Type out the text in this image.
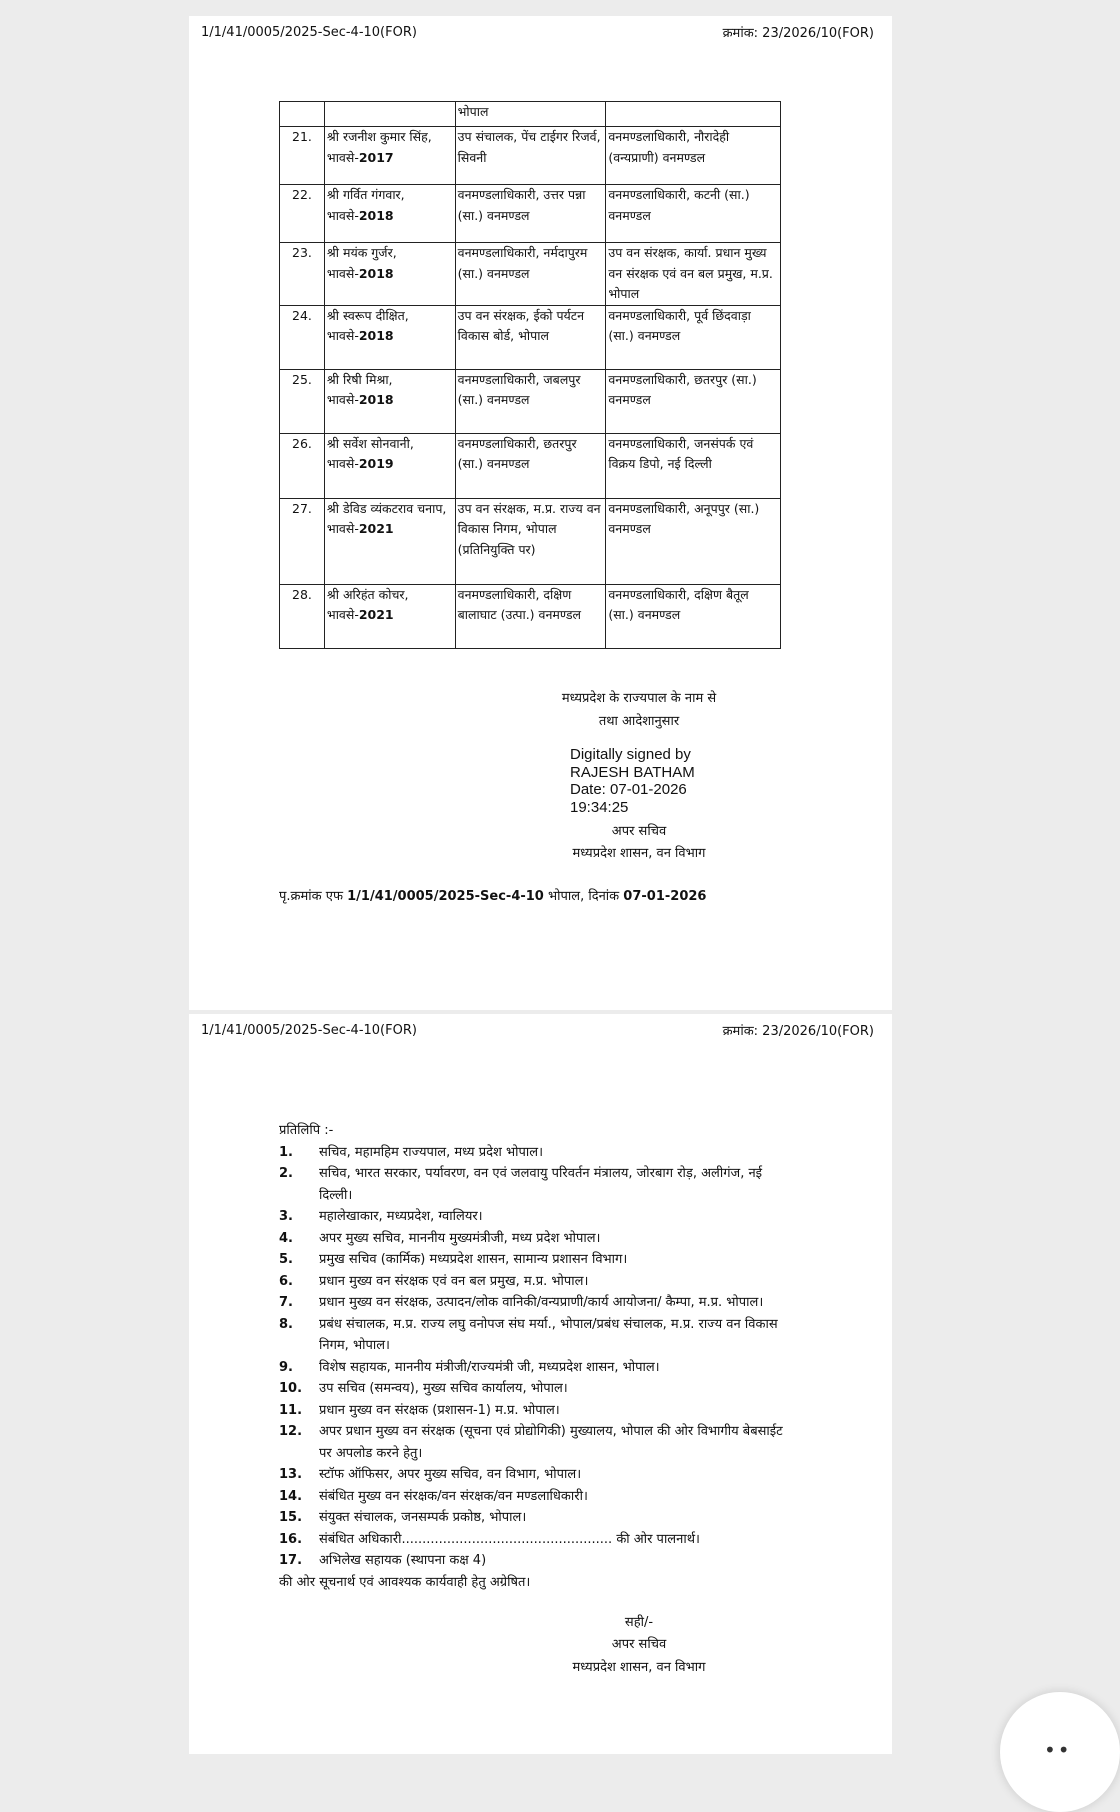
1/1/41/0005/2025-Sec-4-10(FOR)	क्रमांक: 23/2026/10(FOR)
		भोपाल	
21.	श्री रजनीश कुमार सिंह, भावसे-2017	उप संचालक, पेंच टाईगर रिजर्व, सिवनी	वनमण्डलाधिकारी, नौरादेही (वन्यप्राणी) वनमण्डल
22.	श्री गर्वित गंगवार, भावसे-2018	वनमण्डलाधिकारी, उत्तर पन्ना (सा.) वनमण्डल	वनमण्डलाधिकारी, कटनी (सा.) वनमण्डल
23.	श्री मयंक गुर्जर, भावसे-2018	वनमण्डलाधिकारी, नर्मदापुरम (सा.) वनमण्डल	उप वन संरक्षक, कार्या. प्रधान मुख्य वन संरक्षक एवं वन बल प्रमुख, म.प्र. भोपाल
24.	श्री स्वरूप दीक्षित, भावसे-2018	उप वन संरक्षक, ईको पर्यटन विकास बोर्ड, भोपाल	वनमण्डलाधिकारी, पूर्व छिंदवाड़ा (सा.) वनमण्डल
25.	श्री रिषी मिश्रा, भावसे-2018	वनमण्डलाधिकारी, जबलपुर (सा.) वनमण्डल	वनमण्डलाधिकारी, छतरपुर (सा.) वनमण्डल
26.	श्री सर्वेश सोनवानी, भावसे-2019	वनमण्डलाधिकारी, छतरपुर (सा.) वनमण्डल	वनमण्डलाधिकारी, जनसंपर्क एवं विक्रय डिपो, नई दिल्ली
27.	श्री डेविड व्यंकटराव चनाप, भावसे-2021	उप वन संरक्षक, म.प्र. राज्य वन विकास निगम, भोपाल (प्रतिनियुक्ति पर)	वनमण्डलाधिकारी, अनूपपुर (सा.) वनमण्डल
28.	श्री अरिहंत कोचर, भावसे-2021	वनमण्डलाधिकारी, दक्षिण बालाघाट (उत्पा.) वनमण्डल	वनमण्डलाधिकारी, दक्षिण बैतूल (सा.) वनमण्डल
मध्यप्रदेश के राज्यपाल के नाम से
तथा आदेशानुसार
Digitally signed by
RAJESH BATHAM
Date: 07-01-2026
19:34:25
अपर सचिव
मध्यप्रदेश शासन, वन विभाग
पृ.क्रमांक एफ 1/1/41/0005/2025-Sec-4-10 भोपाल, दिनांक 07-01-2026
1/1/41/0005/2025-Sec-4-10(FOR)	क्रमांक: 23/2026/10(FOR)
प्रतिलिपि :-
1.	सचिव, महामहिम राज्यपाल, मध्य प्रदेश भोपाल।
2.	सचिव, भारत सरकार, पर्यावरण, वन एवं जलवायु परिवर्तन मंत्रालय, जोरबाग रोड़, अलीगंज, नई दिल्ली।
3.	महालेखाकार, मध्यप्रदेश, ग्वालियर।
4.	अपर मुख्य सचिव, माननीय मुख्यमंत्रीजी, मध्य प्रदेश भोपाल।
5.	प्रमुख सचिव (कार्मिक) मध्यप्रदेश शासन, सामान्य प्रशासन विभाग।
6.	प्रधान मुख्य वन संरक्षक एवं वन बल प्रमुख, म.प्र. भोपाल।
7.	प्रधान मुख्य वन संरक्षक, उत्पादन/लोक वानिकी/वन्यप्राणी/कार्य आयोजना/ कैम्पा, म.प्र. भोपाल।
8.	प्रबंध संचालक, म.प्र. राज्य लघु वनोपज संघ मर्या., भोपाल/प्रबंध संचालक, म.प्र. राज्य वन विकास निगम, भोपाल।
9.	विशेष सहायक, माननीय मंत्रीजी/राज्यमंत्री जी, मध्यप्रदेश शासन, भोपाल।
10.	उप सचिव (समन्वय), मुख्य सचिव कार्यालय, भोपाल।
11.	प्रधान मुख्य वन संरक्षक (प्रशासन-1) म.प्र. भोपाल।
12.	अपर प्रधान मुख्य वन संरक्षक (सूचना एवं प्रोद्योगिकी) मुख्यालय, भोपाल की ओर विभागीय बेबसाईट पर अपलोड करने हेतु।
13.	स्टॉफ ऑफिसर, अपर मुख्य सचिव, वन विभाग, भोपाल।
14.	संबंधित मुख्य वन संरक्षक/वन संरक्षक/वन मण्डलाधिकारी।
15.	संयुक्त संचालक, जनसम्पर्क प्रकोष्ठ, भोपाल।
16.	संबंधित अधिकारी................................................... की ओर पालनार्थ।
17.	अभिलेख सहायक (स्थापना कक्ष 4)
की ओर सूचनार्थ एवं आवश्यक कार्यवाही हेतु अग्रेषित।
सही/-
अपर सचिव
मध्यप्रदेश शासन, वन विभाग
••
